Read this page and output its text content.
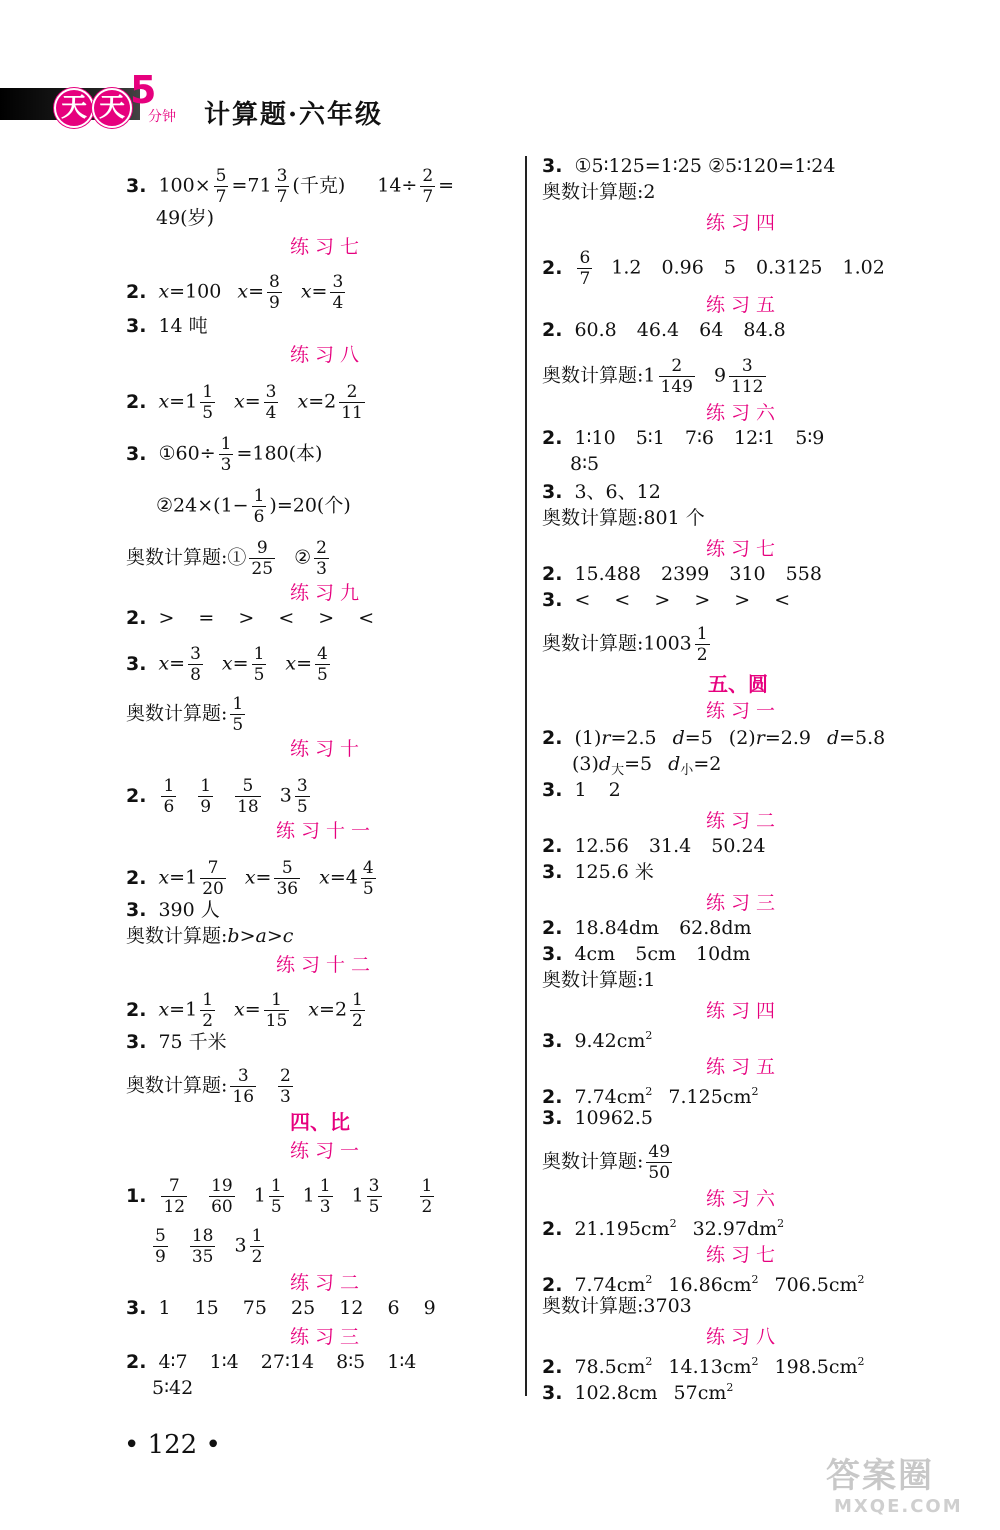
天 天 5
分钟 计算题·六年级
3. $100\times \frac{5}{7} =71 \frac{3}{7}$ (千克) $14\div \frac{2}{7}$ =
49(岁)
练习七
2. x=100 $x= \frac{8}{9} x= \frac{3}{4}$
3. 14 吨
练习八
2. $x=1 \frac{1}{5} x= \frac{3}{4} x=2 \frac{2}{11}$
3. ①60÷ $\frac{1}{3} =180$(本)
②24×(1− $\frac{1}{6} )=20$(个)
奥数计算题:① $\frac{9}{25}$ ② $\frac{2}{3}$
练习九
2. > = > < > <
3. $x= \frac{3}{8} x= \frac{1}{5} x= \frac{4}{5}$
奥数计算题: $\frac{1}{5}$
练习十
2. $\frac{1}{6} \frac{1}{9} \frac{5}{18} 3 \frac{3}{5}$
练习十一
2. $x=1 \frac{7}{20} x= \frac{5}{36} x=4 \frac{4}{5}$
3. 390 人
奥数计算题:b>a>c
练习十二
2. $x=1 \frac{1}{2} x= \frac{1}{15} x=2 \frac{1}{2}$
3. 75 千米
奥数计算题: $\frac{3}{16} \frac{2}{3}$
四、比
练习一
1. $\frac{7}{12} \frac{19}{60} 1 \frac{1}{5} 1 \frac{1}{3} 1 \frac{3}{5} \frac{1}{2}$
$\frac{5}{9} \frac{18}{35} 3 \frac{1}{2}$
练习二
3. 1 15 75 25 12 6 9
练习三
2. 4∶7 1∶4 27∶14 8∶5 1∶4
5∶42
• 122 •
3. ①5∶125=1∶25 ②5∶120=1∶24
奥数计算题:2
练习四
2. $\frac{6}{7} 1.2$ 0.96 5 0.3125 1.02
练习五
2. 60.8 46.4 64 84.8
奥数计算题:1 $\frac{2}{149} 9 \frac{3}{112}$
练习六
2. 1∶10 5∶1 7∶6 12∶1 5∶9
8∶5
3. 3、6、12
奥数计算题:801 个
练习七
2. 15.488 2399 310 558
3. < < > > > <
奥数计算题:1003 $\frac{1}{2}$
五、圆
练习一
2. (1)r=2.5 d=5 (2)r=2.9 d=5.8
$(3)d_大=5$ $d_小=2$
3. 1 2
练习二
2. 12.56 31.4 50.24
3. 125.6 米
练习三
2. 18.84dm 62.8dm
3. 4cm 5cm 10dm
奥数计算题:1
练习四
3. $9.42cm^2$
练习五
2. $7.74cm^2$ $7.125cm^2$
3. 10962.5
奥数计算题: $\frac{49}{50}$
练习六
2. $21.195cm^2$ $32.97dm^2$
练习七
2. $7.74cm^2$ $16.86cm^2$ $706.5cm^2$
奥数计算题:3703
练习八
2. $78.5cm^2$ $14.13cm^2$ $198.5cm^2$
3. 102.8cm $57cm^2$
答案圈
MXQE.COM
